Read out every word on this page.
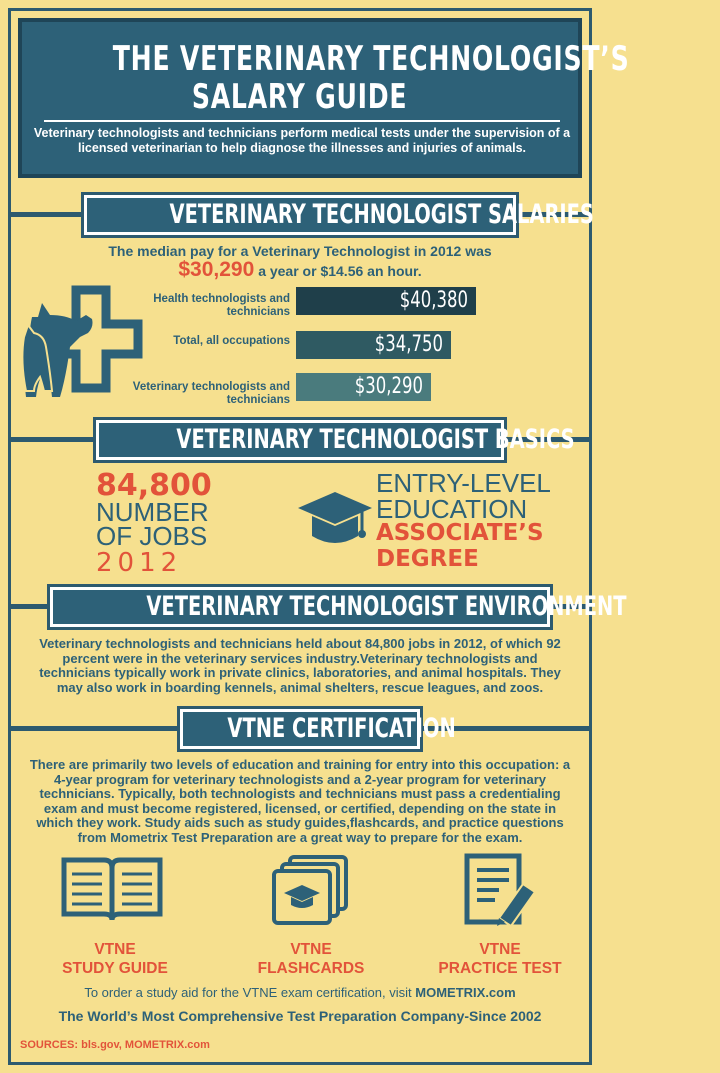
THE VETERINARY TECHNOLOGIST’S
SALARY GUIDE
Veterinary technologists and technicians perform medical tests under the supervision of a licensed veterinarian to help diagnose the illnesses and injuries of animals.
VETERINARY TECHNOLOGIST SALARIES
The median pay for a Veterinary Technologist in 2012 was
$30,290 a year or $14.56 an hour.
Health technologists and technicians	$40,380
Total, all occupations	$34,750
Veterinary technologists and technicians
$30,290
VETERINARY TECHNOLOGIST BASICS
84,800
NUMBER
OF JOBS
2012
ENTRY-LEVEL
EDUCATION
ASSOCIATE’S
DEGREE
VETERINARY TECHNOLOGIST ENVIRONMENT
Veterinary technologists and technicians held about 84,800 jobs in 2012, of which 92 percent were in the veterinary services industry.Veterinary technologists and technicians typically work in private clinics, laboratories, and animal hospitals. They may also work in boarding kennels, animal shelters, rescue leagues, and zoos.
VTNE CERTIFICATION
There are primarily two levels of education and training for entry into this occupation: a 4-year program for veterinary technologists and a 2-year program for veterinary technicians. Typically, both technologists and technicians must pass a credentialing exam and must become registered, licensed, or certified, depending on the state in which they work. Study aids such as study guides,flashcards, and practice questions from Mometrix Test Preparation are a great way to prepare for the exam.
VTNE
STUDY GUIDE
VTNE
FLASHCARDS
VTNE
PRACTICE TEST
To order a study aid for the VTNE exam certification, visit MOMETRIX.com
The World’s Most Comprehensive Test Preparation Company-Since 2002
SOURCES: bls.gov, MOMETRIX.com
